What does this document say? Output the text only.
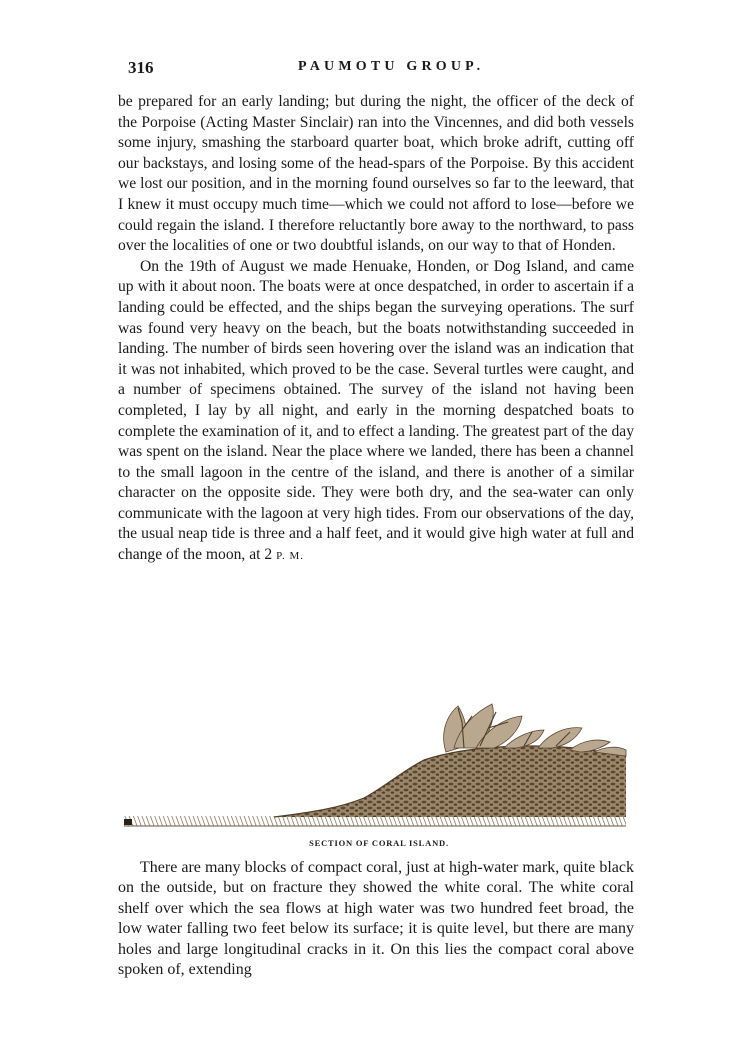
316	PAUMOTU GROUP.

be prepared for an early landing; but during the night, the officer of the deck of the Porpoise (Acting Master Sinclair) ran into the Vincennes, and did both vessels some injury, smashing the starboard quarter boat, which broke adrift, cutting off our backstays, and losing some of the head-spars of the Porpoise. By this accident we lost our position, and in the morning found ourselves so far to the leeward, that I knew it must occupy much time—which we could not afford to lose—before we could regain the island. I therefore reluctantly bore away to the northward, to pass over the localities of one or two doubtful islands, on our way to that of Honden.

On the 19th of August we made Henuake, Honden, or Dog Island, and came up with it about noon. The boats were at once despatched, in order to ascertain if a landing could be effected, and the ships began the surveying operations. The surf was found very heavy on the beach, but the boats notwithstanding succeeded in landing. The number of birds seen hovering over the island was an indication that it was not inhabited, which proved to be the case. Several turtles were caught, and a number of specimens obtained. The survey of the island not having been completed, I lay by all night, and early in the morning despatched boats to complete the examination of it, and to effect a landing. The greatest part of the day was spent on the island. Near the place where we landed, there has been a channel to the small lagoon in the centre of the island, and there is another of a similar character on the opposite side. They were both dry, and the sea-water can only communicate with the lagoon at very high tides. From our observations of the day, the usual neap tide is three and a half feet, and it would give high water at full and change of the moon, at 2 P. M.

SECTION OF CORAL ISLAND.

There are many blocks of compact coral, just at high-water mark, quite black on the outside, but on fracture they showed the white coral. The white coral shelf over which the sea flows at high water was two hundred feet broad, the low water falling two feet below its surface; it is quite level, but there are many holes and large longitudinal cracks in it. On this lies the compact coral above spoken of, extending
